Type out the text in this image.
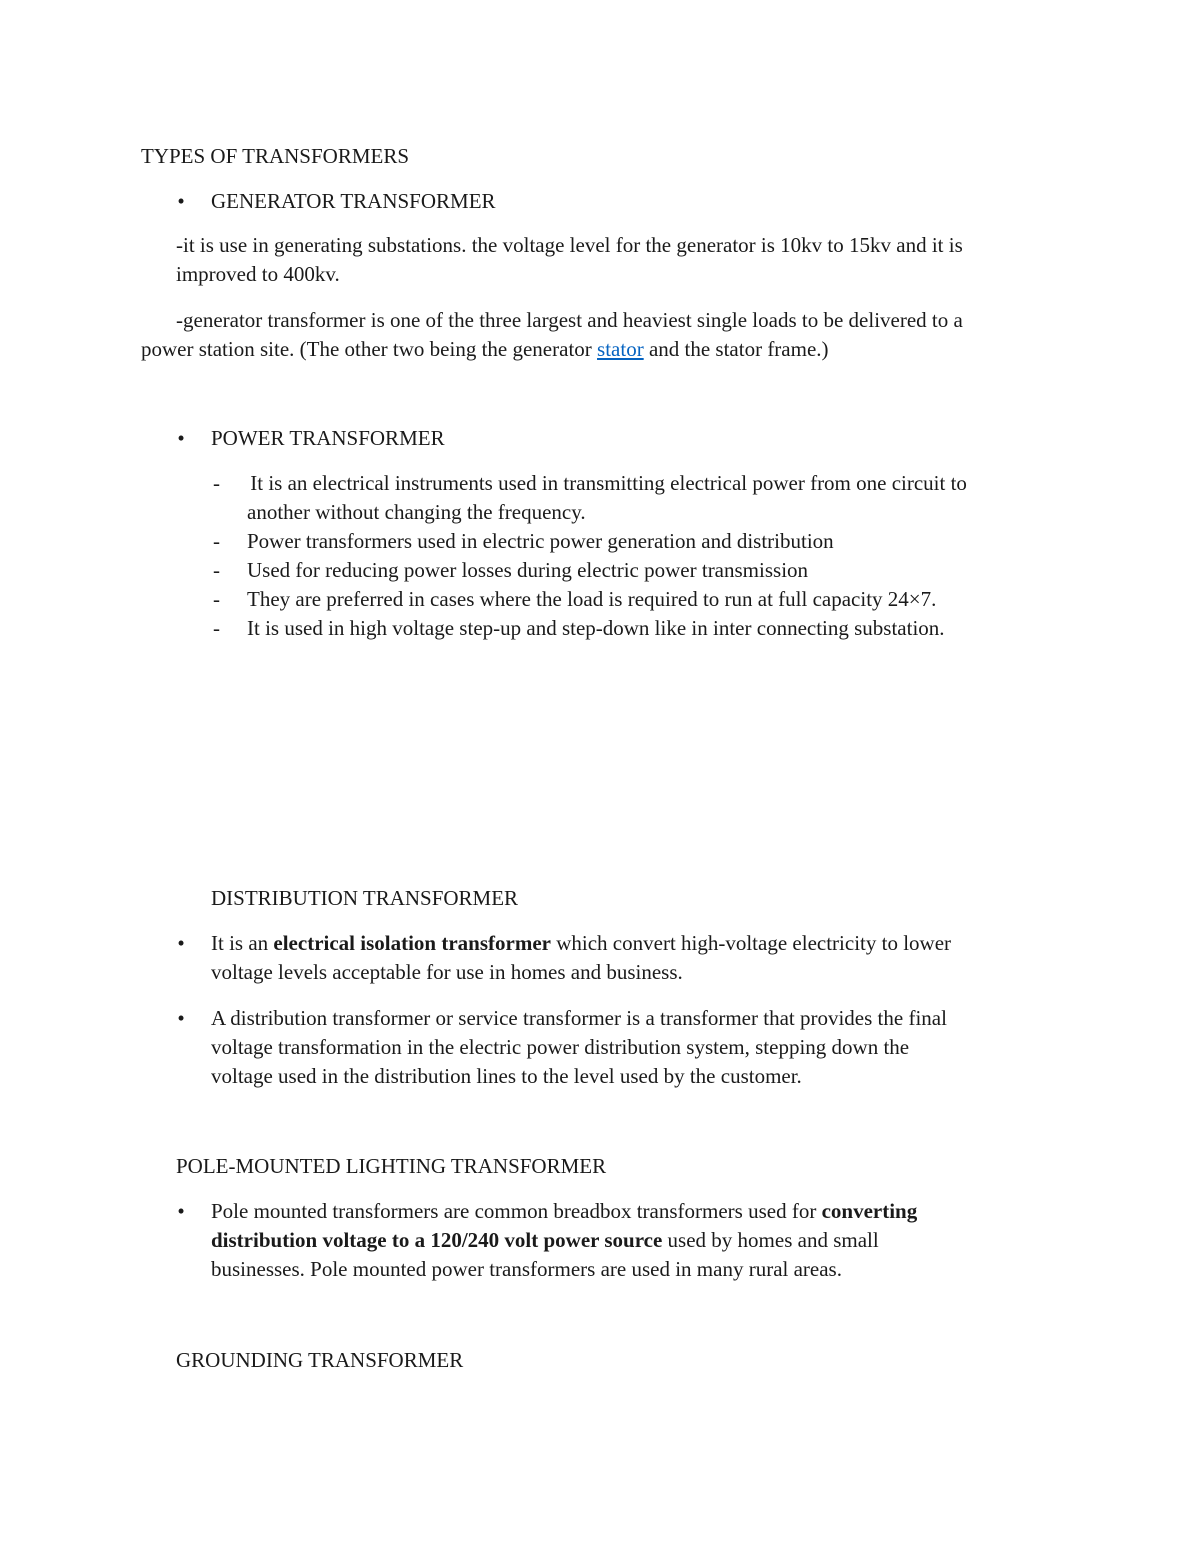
TYPES OF TRANSFORMERS
• GENERATOR TRANSFORMER
-it is use in generating substations. the voltage level for the generator is 10kv to 15kv and it is
improved to 400kv.
-generator transformer is one of the three largest and heaviest single loads to be delivered to a
power station site. (The other two being the generator stator and the stator frame.)
• POWER TRANSFORMER
- It is an electrical instruments used in transmitting electrical power from one circuit to
another without changing the frequency.
- Power transformers used in electric power generation and distribution
- Used for reducing power losses during electric power transmission
- They are preferred in cases where the load is required to run at full capacity 24×7.
- It is used in high voltage step-up and step-down like in inter connecting substation.
DISTRIBUTION TRANSFORMER
• It is an electrical isolation transformer which convert high-voltage electricity to lower
voltage levels acceptable for use in homes and business.
• A distribution transformer or service transformer is a transformer that provides the final
voltage transformation in the electric power distribution system, stepping down the
voltage used in the distribution lines to the level used by the customer.
POLE-MOUNTED LIGHTING TRANSFORMER
• Pole mounted transformers are common breadbox transformers used for converting
distribution voltage to a 120/240 volt power source used by homes and small
businesses. Pole mounted power transformers are used in many rural areas.
GROUNDING TRANSFORMER
